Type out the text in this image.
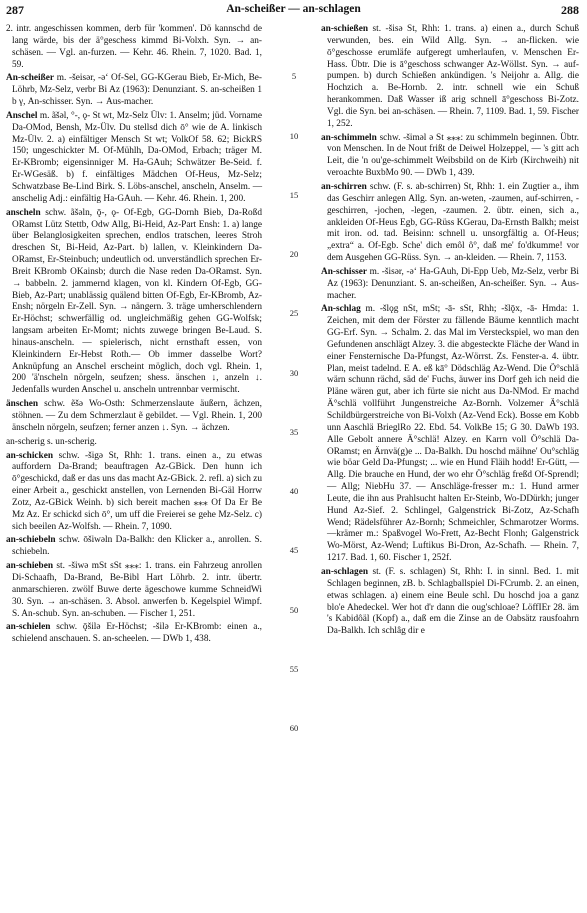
287	An-scheißer — an-schlagen	288
2. intr. angeschissen kommen, derb für 'kommen'. Dö kannschd de lang wärde, bis der ä°geschess kimmd Bi-Volxh. Syn. → an-schäsen. — Vgl. an-furzen. — Kehr. 46. Rhein. 7, 1020. Bad. 1, 59.
An-scheißer m. -šeisər, -ə‘ Of-Sel, GG-KGerau Bieb, Er-Mich, Be-Löhrb, Mz-Selz, verbr Bi Az (1963): Denunziant. S. an-scheißen 1 b γ, An-schisser. Syn. → Aus-macher.
Anschel m. ãšəl, °-, ǫ- St wt, Mz-Selz Ülv: 1. Anselm; jüd. Vorname Da-OMod, Bensh, Mz-Ülv. Du stellsd dich ō° wie de A. linkisch Mz-Ülv. 2. a) einfältiger Mensch St wt; VolkOf 58. 62; BickRS 150; ungeschickter M. Of-Mühlh, Da-OMod, Erbach; träger M. Er-KBromb; eigensinniger M. Ha-GAuh; Schwätzer Be-Seid. f. Er-WGesäß. b) f. einfältiges Mädchen Of-Heus, Mz-Selz; Schwatzbase Be-Lind Birk. S. Löbs-anschel, anscheln, Anselm. — anschelig Adj.: einfältig Ha-GAuh. — Kehr. 46. Rhein. 1, 200.
anscheln schw. ãšəln, ǭ-, ǫ- Of-Egb, GG-Dornh Bieb, Da-Roßd ORamst Lütz Stettb, Odw Allg, Bi-Heid, Az-Part Ensh: 1. a) lange über Belanglosigkeiten sprechen, endlos tratschen, leeres Stroh dreschen St, Bi-Heid, Az-Part. b) lallen, v. Kleinkindern Da-ORamst, Er-Steinbuch; undeutlich od. unverständlich sprechen Er-Breit KBromb OKainsb; durch die Nase reden Da-ORamst. Syn. → babbeln. 2. jammernd klagen, von kl. Kindern Of-Egb, GG-Bieb, Az-Part; unablässig quälend bitten Of-Egb, Er-KBromb, Az-Ensh; nörgeln Er-Zell. Syn. → nängern. 3. träge umherschlendern Er-Höchst; schwerfällig od. ungleichmäßig gehen GG-Wolfsk; langsam arbeiten Er-Momt; nichts zuwege bringen Be-Laud. S. hinaus-anscheln. — spielerisch, nicht ernsthaft essen, von Kleinkindern Er-Hebst Roth.— Ob immer dasselbe Wort? Anknüpfung an Anschel erscheint möglich, doch vgl. Rhein. 1, 200 'ä'nscheln nörgeln, seufzen; shess. änschen ↓, anzeln ↓. Jedenfalls wurden Anschel u. anscheln untrennbar vermischt.
änschen schw. ẽšə Wo-Osth: Schmerzenslaute äußern, ächzen, stöhnen. — Zu dem Schmerzlaut ẽ gebildet. — Vgl. Rhein. 1, 200 änscheln nörgeln, seufzen; ferner anzen ↓. Syn. → ächzen.
an-scherig s. un-scherig.
an-schicken schw. -šigə St, Rhh: 1. trans. einen a., zu etwas auffordern Da-Brand; beauftragen Az-GBick. Den hunn ich ō°geschickd, daß er das uns das macht Az-GBick. 2. refl. a) sich zu einer Arbeit a., geschickt anstellen, von Lernenden Bi-Gäl Horrw Zotz, Az-GBick Weinh. b) sich bereit machen ⁎⁎⁎ Of Da Er Be Mz Az. Er schickd sich ō°, um uff die Freierei se gehe Mz-Selz. c) sich beeilen Az-Wolfsh. — Rhein. 7, 1090.
an-schiebeln schw. ōšiwəln Da-Balkh: den Klicker a., anrollen. S. schiebeln.
an-schieben st. -šiwə mSt sSt ⁎⁎⁎: 1. trans. ein Fahrzeug anrollen Di-Schaafh, Da-Brand, Be-Bibl Hart Löhrb. 2. intr. übertr. anmarschieren. zwölf Buwe derte ägeschowe kumme SchneidWi 30. Syn. → an-schäsen. 3. Absol. anwerfen b. Kegelspiel Wimpf. S. An-schub. Syn. an-schuben. — Fischer 1, 251.
an-schielen schw. ǭšilǝ Er-Höchst; -šilǝ Er-KBromb: einen a., schielend anschauen. S. an-scheelen. — DWb 1, 438.
5
10
15
20
25
30
35
40
45
50
55
60
an-schießen st. -šisə St, Rhh: 1. trans. a) einen a., durch Schuß verwunden, bes. ein Wild Allg. Syn. → an-flicken. wie ō°geschosse erumläfe aufgeregt umherlaufen, v. Menschen Er-Hass. Übtr. Die is ā°geschoss schwanger Az-Wöllst. Syn. → auf-pumpen. b) durch Schießen ankündigen. 's Neijohr a. Allg. die Hochzich a. Be-Hornb. 2. intr. schnell wie ein Schuß herankommen. Daß Wasser iß arig schnell ā°geschoss Bi-Zotz. Vgl. die Syn. bei an-schäsen. — Rhein. 7, 1109. Bad. 1, 59. Fischer 1, 252.
an-schimmeln schw. -šiməl ə St ⁎⁎⁎: zu schimmeln beginnen. Übtr. von Menschen. In de Nout frißt de Deiwel Holzeppel, — 's gitt ach Leit, die 'n ou'ge-schimmelt Weibsbild on de Kirb (Kirchweih) nit veroachte BuxbMo 90. — DWb 1, 439.
an-schirren schw. (F. s. ab-schirren) St, Rhh: 1. ein Zugtier a., ihm das Geschirr anlegen Allg. Syn. an-weten, -zaumen, auf-schirren, -geschirren, -jochen, -legen, -zaumen. 2. übtr. einen, sich a., ankleiden Of-Heus Egb, GG-Rüss KGerau, Da-Ernsth Balkh; meist mit iron. od. tad. Beisinn: schnell u. unsorgfältig a. Of-Heus; „extra“ a. Of-Egb. Sche' dich emôl ô°, daß me' fo'dkumme! vor dem Ausgehen GG-Rüss. Syn. → an-kleiden. — Rhein. 7, 1153.
An-schisser m. -šisər, -ə‘ Ha-GAuh, Di-Epp Ueb, Mz-Selz, verbr Bi Az (1963): Denunziant. S. an-scheißen, An-scheißer. Syn. → Aus-macher.
An-schlag m. -šlǫg nSt, mSt; -ā- sSt, Rhh; -šlǭx, -ā- Hmda: 1. Zeichen, mit dem der Förster zu fällende Bäume kenntlich macht GG-Erf. Syn. → Schalm. 2. das Mal im Versteckspiel, wo man den Gefundenen anschlägt Alzey. 3. die abgesteckte Fläche der Wand in einer Fensternische Da-Pfungst, Az-Wörrst. Zs. Fenster-a. 4. übtr. Plan, meist tadelnd. E A. eß kā° Dödschläg Az-Wend. Die Ö°schlä wärn schunn rächd, säd de' Fuchs, äuwer ins Dorf geh ich neid die Pläne wären gut, aber ich fürte sie nicht aus Da-NMod. Er machd Ä°schlä vollführt Jungenstreiche Az-Bornh. Volzemer Ä°schlä Schildbürgerstreiche von Bi-Volxh (Az-Vend Eck). Bosse em Kobb unn Aaschlä BrieglRo 22. Ebd. 54. VolkBe 15; G 30. DaWb 193. Alle Gebolt annere Ä°schlä! Alzey. en Karrn voll Ö°schlä Da-ORamst; en Ärnvä(g)e ... Da-Balkh. Du hoschd mäihne' Ou°schläg wie böar Geld Da-Pfungst; ... wie en Hund Fläih hodd! Er-Gütt, — Allg. Die brauche en Hund, der wo ehr Ö°schläg freßd Of-Sprendl; — Allg; NiebHu 37. — Anschläge-fresser m.: 1. Hund armer Leute, die ihn aus Prahlsucht halten Er-Steinb, Wo-DDürkh; junger Hund Az-Sief. 2. Schlingel, Galgenstrick Bi-Zotz, Az-Schafh Wend; Rädelsführer Az-Bornh; Schmeichler, Schmarotzer Worms. —krämer m.: Spaßvogel Wo-Frett, Az-Becht Flonh; Galgenstrick Wo-Mörst, Az-Wend; Luftikus Bi-Dron, Az-Schafh. — Rhein. 7, 1217. Bad. 1, 60. Fischer 1, 252f.
an-schlagen st. (F. s. schlagen) St, Rhh: I. in sinnl. Bed. 1. mit Schlagen beginnen, zB. b. Schlagballspiel Di-FCrumb. 2. an einen, etwas schlagen. a) einem eine Beule schl. Du hoschd joa a ganz blo'e Ahedeckel. Wer hot d'r dann die oug'schloae? LöffIEr 28. äm 's Kabidôäl (Kopf) a., daß em die Zinse an de Oabsätz rausfoahrn Da-Balkh. Ich schlâg dir e
